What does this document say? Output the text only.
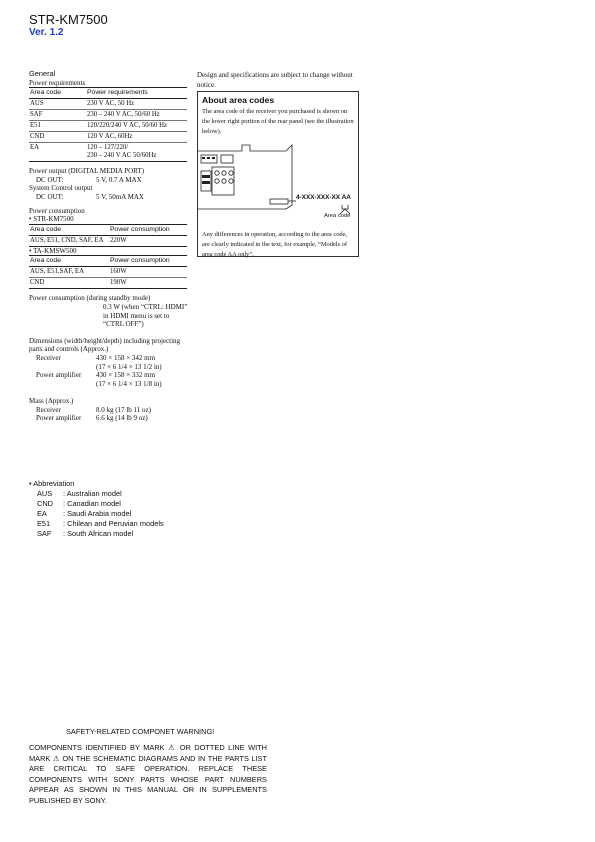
STR-KM7500
Ver. 1.2
General
Power requirements
Area code	Power requirements
AUS	230 V AC, 50 Hz
SAF	230 – 240 V AC, 50/60 Hz
E51	120/220/240 V AC, 50/60 Hz
CND	120 V AC, 60Hz
EA	120 – 127/220/
230 – 240 V AC 50/60Hz
Power output (DIGITAL MEDIA PORT)
DC OUT:	5 V, 0.7 A MAX
System Control output
DC OUT:	5 V, 50mA MAX
Power consumption
• STR-KM7500
Area code	Power consumption
AUS, E51, CND, SAF, EA	220W
• TA-KMSW500
Area code	Power consumption
AUS, E51,SAF, EA	160W
CND	190W
Power consumption (during standby mode)
0.3 W (when “CTRL: HDMI” in HDMI menu is set to “CTRL OFF”)
Dimensions (width/height/depth) including projecting parts and controls (Approx.)
Receiver	430 × 158 × 342 mm
(17 × 6 1/4 × 13 1/2 in)
Power amplifier	430 × 158 × 332 mm
(17 × 6 1/4 × 13 1/8 in)
Mass (Approx.)
Receiver	8.0 kg (17 lb 11 oz)
Power amplifier	6.6 kg (14 lb 9 oz)
• Abbreviation
AUS	: Australian model
CND	: Canadian model
EA	: Saudi Arabia model
E51	: Chilean and Peruvian models
SAF	: South African model
Design and specifications are subject to change without notice.
About area codes
The area code of the receiver you purchased is shown on the lower right portion of the rear panel (see the illustration below).
4-XXX-XXX-XX AA
Area code
Any differences in operation, according to the area code, are clearly indicated in the text, for example, “Models of area code AA only”.
SAFETY-RELATED COMPONET WARNING!
COMPONENTS IDENTIFIED BY MARK ⚠ OR DOTTED LINE WITH MARK ⚠ ON THE SCHEMATIC DIAGRAMS AND IN THE PARTS LIST ARE CRITICAL TO SAFE OPERATION. REPLACE THESE COMPONENTS WITH SONY PARTS WHOSE PART NUMBERS APPEAR AS SHOWN IN THIS MANUAL OR IN SUPPLEMENTS PUBLISHED BY SONY.
